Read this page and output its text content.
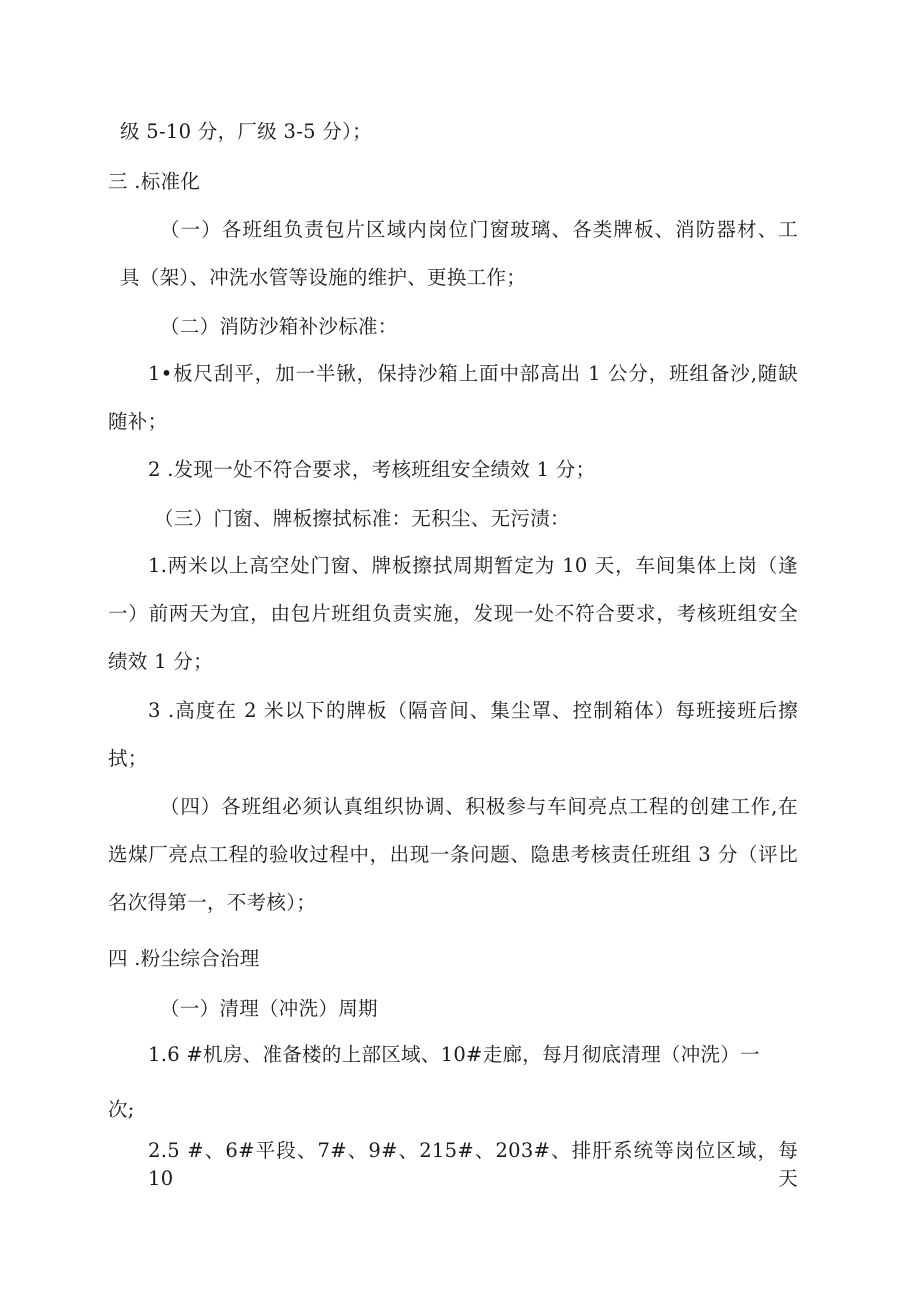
级 5-10 分，厂级 3-5 分）；
三 .标准化
（一）各班组负责包片区域内岗位门窗玻璃、各类牌板、消防器材、工
具（架）、冲洗水管等设施的维护、更换工作；
（二）消防沙箱补沙标准：
1•板尺刮平，加一半锹，保持沙箱上面中部高出 1 公分，班组备沙,随缺
随补；
2 .发现一处不符合要求，考核班组安全绩效 1 分；
（三）门窗、牌板擦拭标准：无积尘、无污渍：
1.两米以上高空处门窗、牌板擦拭周期暂定为 10 天，车间集体上岗（逢
一）前两天为宜，由包片班组负责实施，发现一处不符合要求，考核班组安全
绩效 1 分；
3 .高度在 2 米以下的牌板（隔音间、集尘罩、控制箱体）每班接班后擦
拭；
（四）各班组必须认真组织协调、积极参与车间亮点工程的创建工作,在
选煤厂亮点工程的验收过程中，出现一条问题、隐患考核责任班组 3 分（评比
名次得第一，不考核）；
四 .粉尘综合治理
（一）清理（冲洗）周期
1.6 #机房、准备楼的上部区域、10#走廊，每月彻底清理（冲洗）一
次;
2.5 #、6#平段、7#、9#、215#、203#、排肝系统等岗位区域，每 10 天
